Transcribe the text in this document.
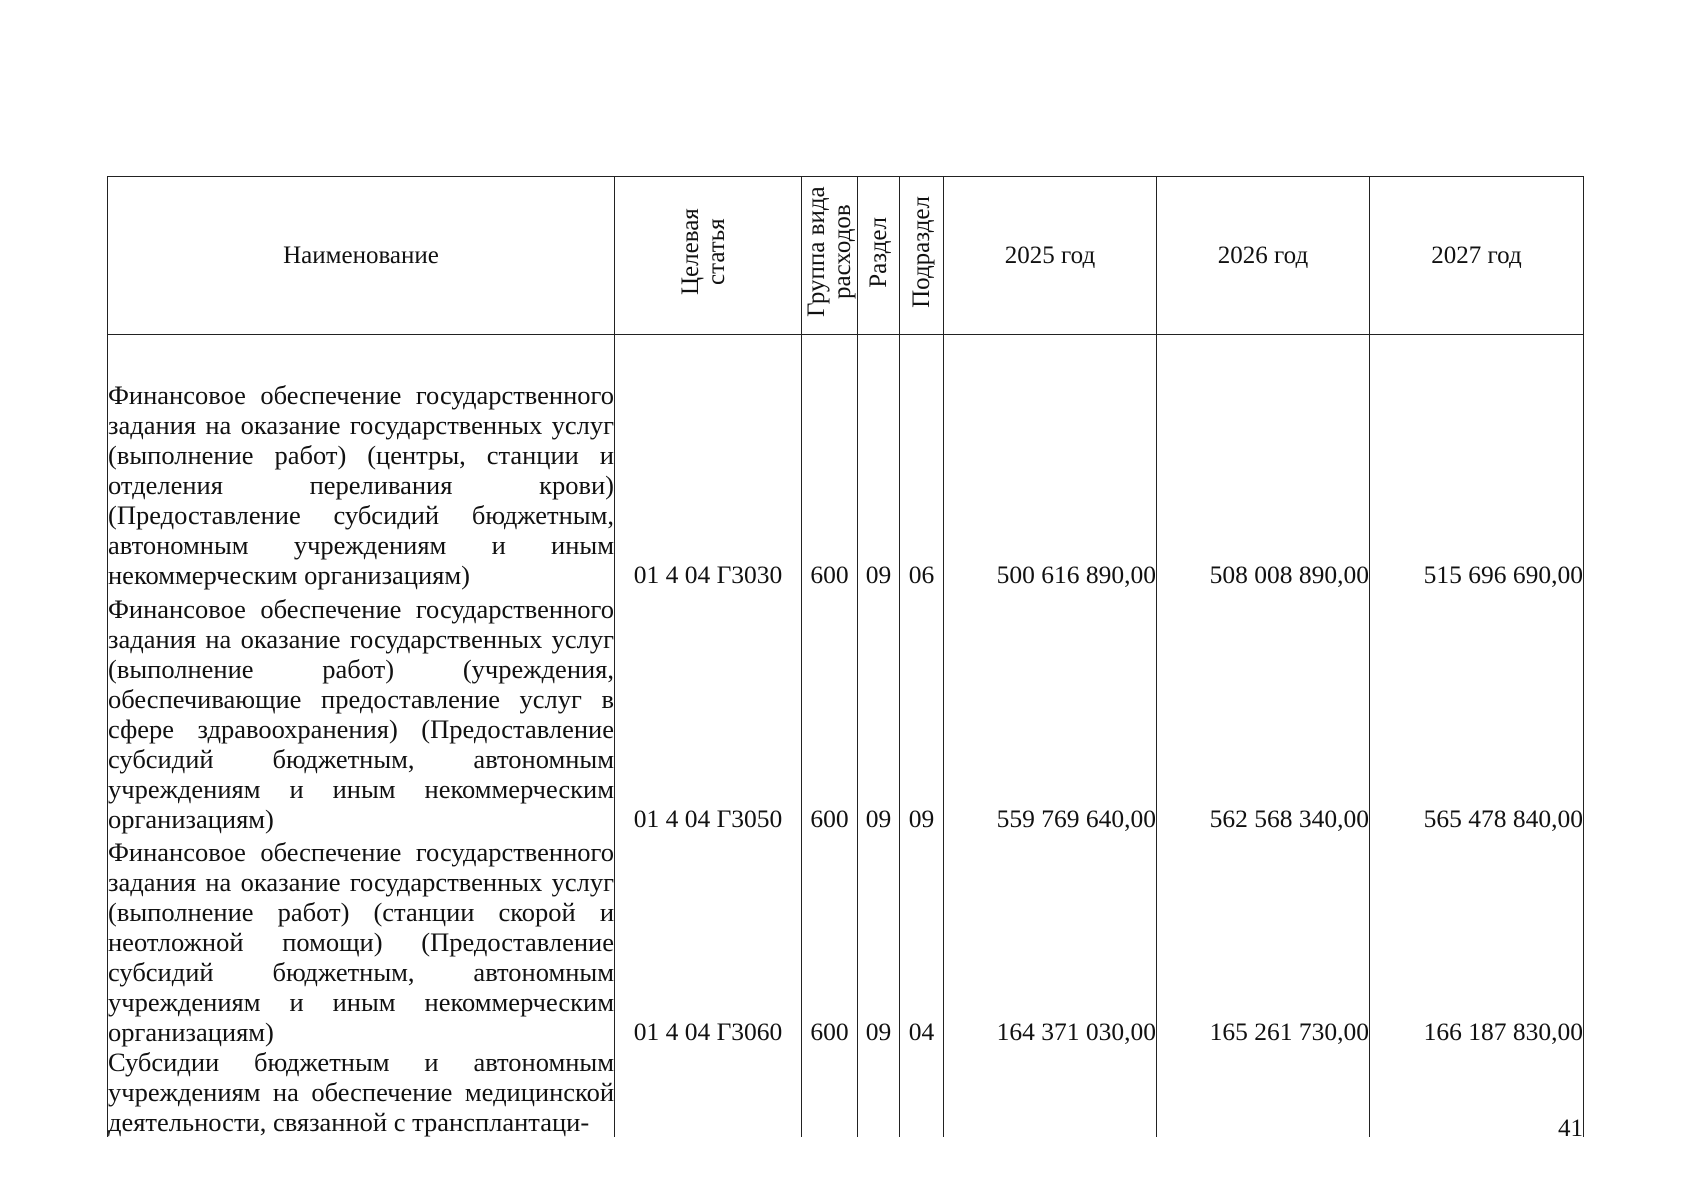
Наименование	Целевая статья	Группа вида расходов	Раздел	Подраздел	2025 год	2026 год	2027 год
Финансовое обеспечение государственного задания на оказание государственных услуг (выполнение работ) (центры, станции и отделения переливания крови) (Предоставление субсидий бюджетным, автономным учреждениям и иным некоммерческим организациям)	01 4 04 Г3030	600	09	06	500 616 890,00	508 008 890,00	515 696 690,00
Финансовое обеспечение государственного задания на оказание государственных услуг (выполнение работ) (учреждения, обеспечивающие предоставление услуг в сфере здравоохранения) (Предоставление субсидий бюджетным, автономным учреждениям и иным некоммерческим организациям)	01 4 04 Г3050	600	09	09	559 769 640,00	562 568 340,00	565 478 840,00
Финансовое обеспечение государственного задания на оказание государственных услуг (выполнение работ) (станции скорой и неотложной помощи) (Предоставление субсидий бюджетным, автономным учреждениям и иным некоммерческим организациям)	01 4 04 Г3060	600	09	04	164 371 030,00	165 261 730,00	166 187 830,00
Субсидии бюджетным и автономным учреждениям на обеспечение медицинской деятельности, связанной с трансплантаци-								41
